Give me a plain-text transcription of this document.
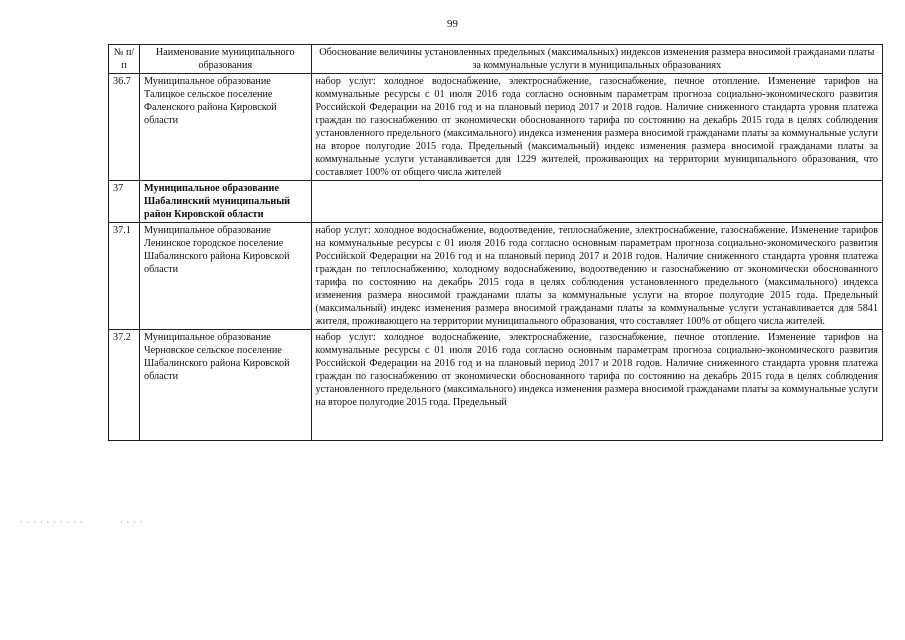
99
№ п/п	Наименование муниципального образования	Обоснование величины установленных предельных (максимальных) индексов изменения размера вносимой гражданами платы за коммунальные услуги в муниципальных образованиях
36.7	Муниципальное образование Талицкое сельское поселение Фаленского района Кировской области	набор услуг: холодное водоснабжение, электроснабжение, газоснабжение, печное отопление. Изменение тарифов на коммунальные ресурсы с 01 июля 2016 года согласно основным параметрам прогноза социально-экономического развития Российской Федерации на 2016 год и на плановый период 2017 и 2018 годов. Наличие сниженного стандарта уровня платежа граждан по газоснабжению от экономически обоснованного тарифа по состоянию на декабрь 2015 года в целях соблюдения установленного предельного (максимального) индекса изменения размера вносимой гражданами платы за коммунальные услуги на второе полугодие 2015 года. Предельный (максимальный) индекс изменения размера вносимой гражданами платы за коммунальные услуги устанавливается для 1229 жителей, проживающих на территории муниципального образования, что составляет 100% от общего числа жителей
37	Муниципальное образование Шабалинский муниципальный район Кировской области	
37.1	Муниципальное образование Ленинское городское поселение Шабалинского района Кировской области	набор услуг: холодное водоснабжение, водоотведение, теплоснабжение, электроснабжение, газоснабжение. Изменение тарифов на коммунальные ресурсы с 01 июля 2016 года согласно основным параметрам прогноза социально-экономического развития Российской Федерации на 2016 год и на плановый период 2017 и 2018 годов. Наличие сниженного стандарта уровня платежа граждан по теплоснабжению, холодному водоснабжению, водоотведению и газоснабжению от экономически обоснованного тарифа по состоянию на декабрь 2015 года в целях соблюдения установленного предельного (максимального) индекса изменения размера вносимой гражданами платы за коммунальные услуги на второе полугодие 2015 года. Предельный (максимальный) индекс изменения размера вносимой гражданами платы за коммунальные услуги устанавливается для 5841 жителя, проживающего на территории муниципального образования, что составляет 100% от общего числа жителей.
37.2	Муниципальное образование Черновское сельское поселение Шабалинского района Кировской области	набор услуг: холодное водоснабжение, электроснабжение, газоснабжение, печное отопление. Изменение тарифов на коммунальные ресурсы с 01 июля 2016 года согласно основным параметрам прогноза социально-экономического развития Российской Федерации на 2016 год и на плановый период 2017 и 2018 годов. Наличие сниженного стандарта уровня платежа граждан по газоснабжению от экономически обоснованного тарифа по состоянию на декабрь 2015 года в целях соблюдения установленного предельного (максимального) индекса изменения размера вносимой гражданами платы за коммунальные услуги на второе полугодие 2015 года. Предельный
· · · · · · · · · ·	· · · ·
